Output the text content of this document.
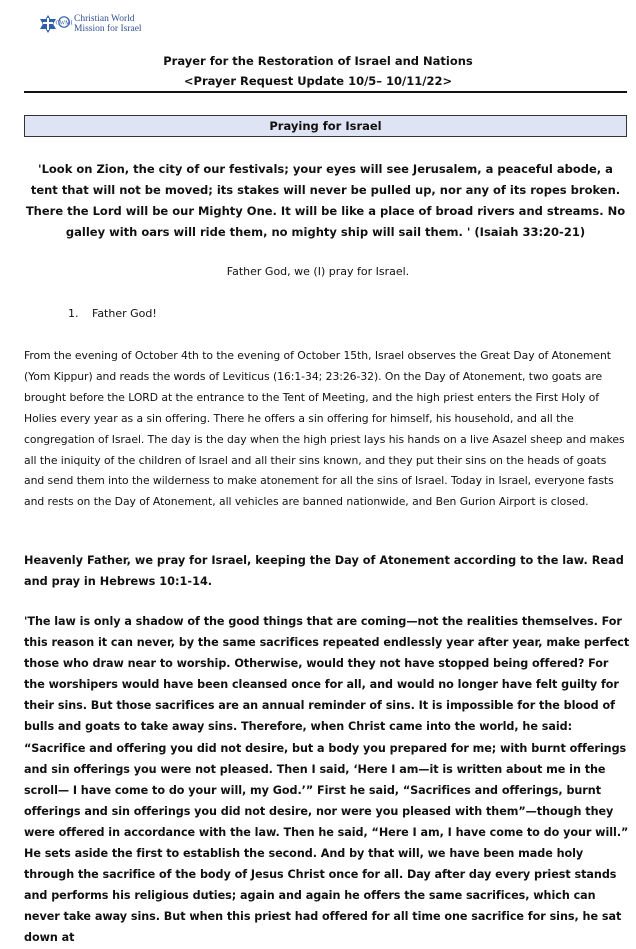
CWMI Christian World
Mission for Israel
Prayer for the Restoration of Israel and Nations
<Prayer Request Update 10/5– 10/11/22>
Praying for Israel
'Look on Zion, the city of our festivals; your eyes will see Jerusalem, a peaceful abode, a tent that will not be moved; its stakes will never be pulled up, nor any of its ropes broken. There the Lord will be our Mighty One. It will be like a place of broad rivers and streams. No galley with oars will ride them, no mighty ship will sail them. ' (Isaiah 33:20-21)
Father God, we (I) pray for Israel.
1. Father God!
From the evening of October 4th to the evening of October 15th, Israel observes the Great Day of Atonement (Yom Kippur) and reads the words of Leviticus (16:1-34; 23:26-32). On the Day of Atonement, two goats are brought before the LORD at the entrance to the Tent of Meeting, and the high priest enters the First Holy of Holies every year as a sin offering. There he offers a sin offering for himself, his household, and all the congregation of Israel. The day is the day when the high priest lays his hands on a live Asazel sheep and makes all the iniquity of the children of Israel and all their sins known, and they put their sins on the heads of goats and send them into the wilderness to make atonement for all the sins of Israel. Today in Israel, everyone fasts and rests on the Day of Atonement, all vehicles are banned nationwide, and Ben Gurion Airport is closed.
Heavenly Father, we pray for Israel, keeping the Day of Atonement according to the law. Read and pray in Hebrews 10:1-14.
'The law is only a shadow of the good things that are coming—not the realities themselves. For this reason it can never, by the same sacrifices repeated endlessly year after year, make perfect those who draw near to worship. Otherwise, would they not have stopped being offered? For the worshipers would have been cleansed once for all, and would no longer have felt guilty for their sins. But those sacrifices are an annual reminder of sins. It is impossible for the blood of bulls and goats to take away sins. Therefore, when Christ came into the world, he said: “Sacrifice and offering you did not desire, but a body you prepared for me; with burnt offerings and sin offerings you were not pleased. Then I said, ‘Here I am—it is written about me in the scroll— I have come to do your will, my God.’” First he said, “Sacrifices and offerings, burnt offerings and sin offerings you did not desire, nor were you pleased with them”—though they were offered in accordance with the law. Then he said, “Here I am, I have come to do your will.” He sets aside the first to establish the second. And by that will, we have been made holy through the sacrifice of the body of Jesus Christ once for all. Day after day every priest stands and performs his religious duties; again and again he offers the same sacrifices, which can never take away sins. But when this priest had offered for all time one sacrifice for sins, he sat down at
